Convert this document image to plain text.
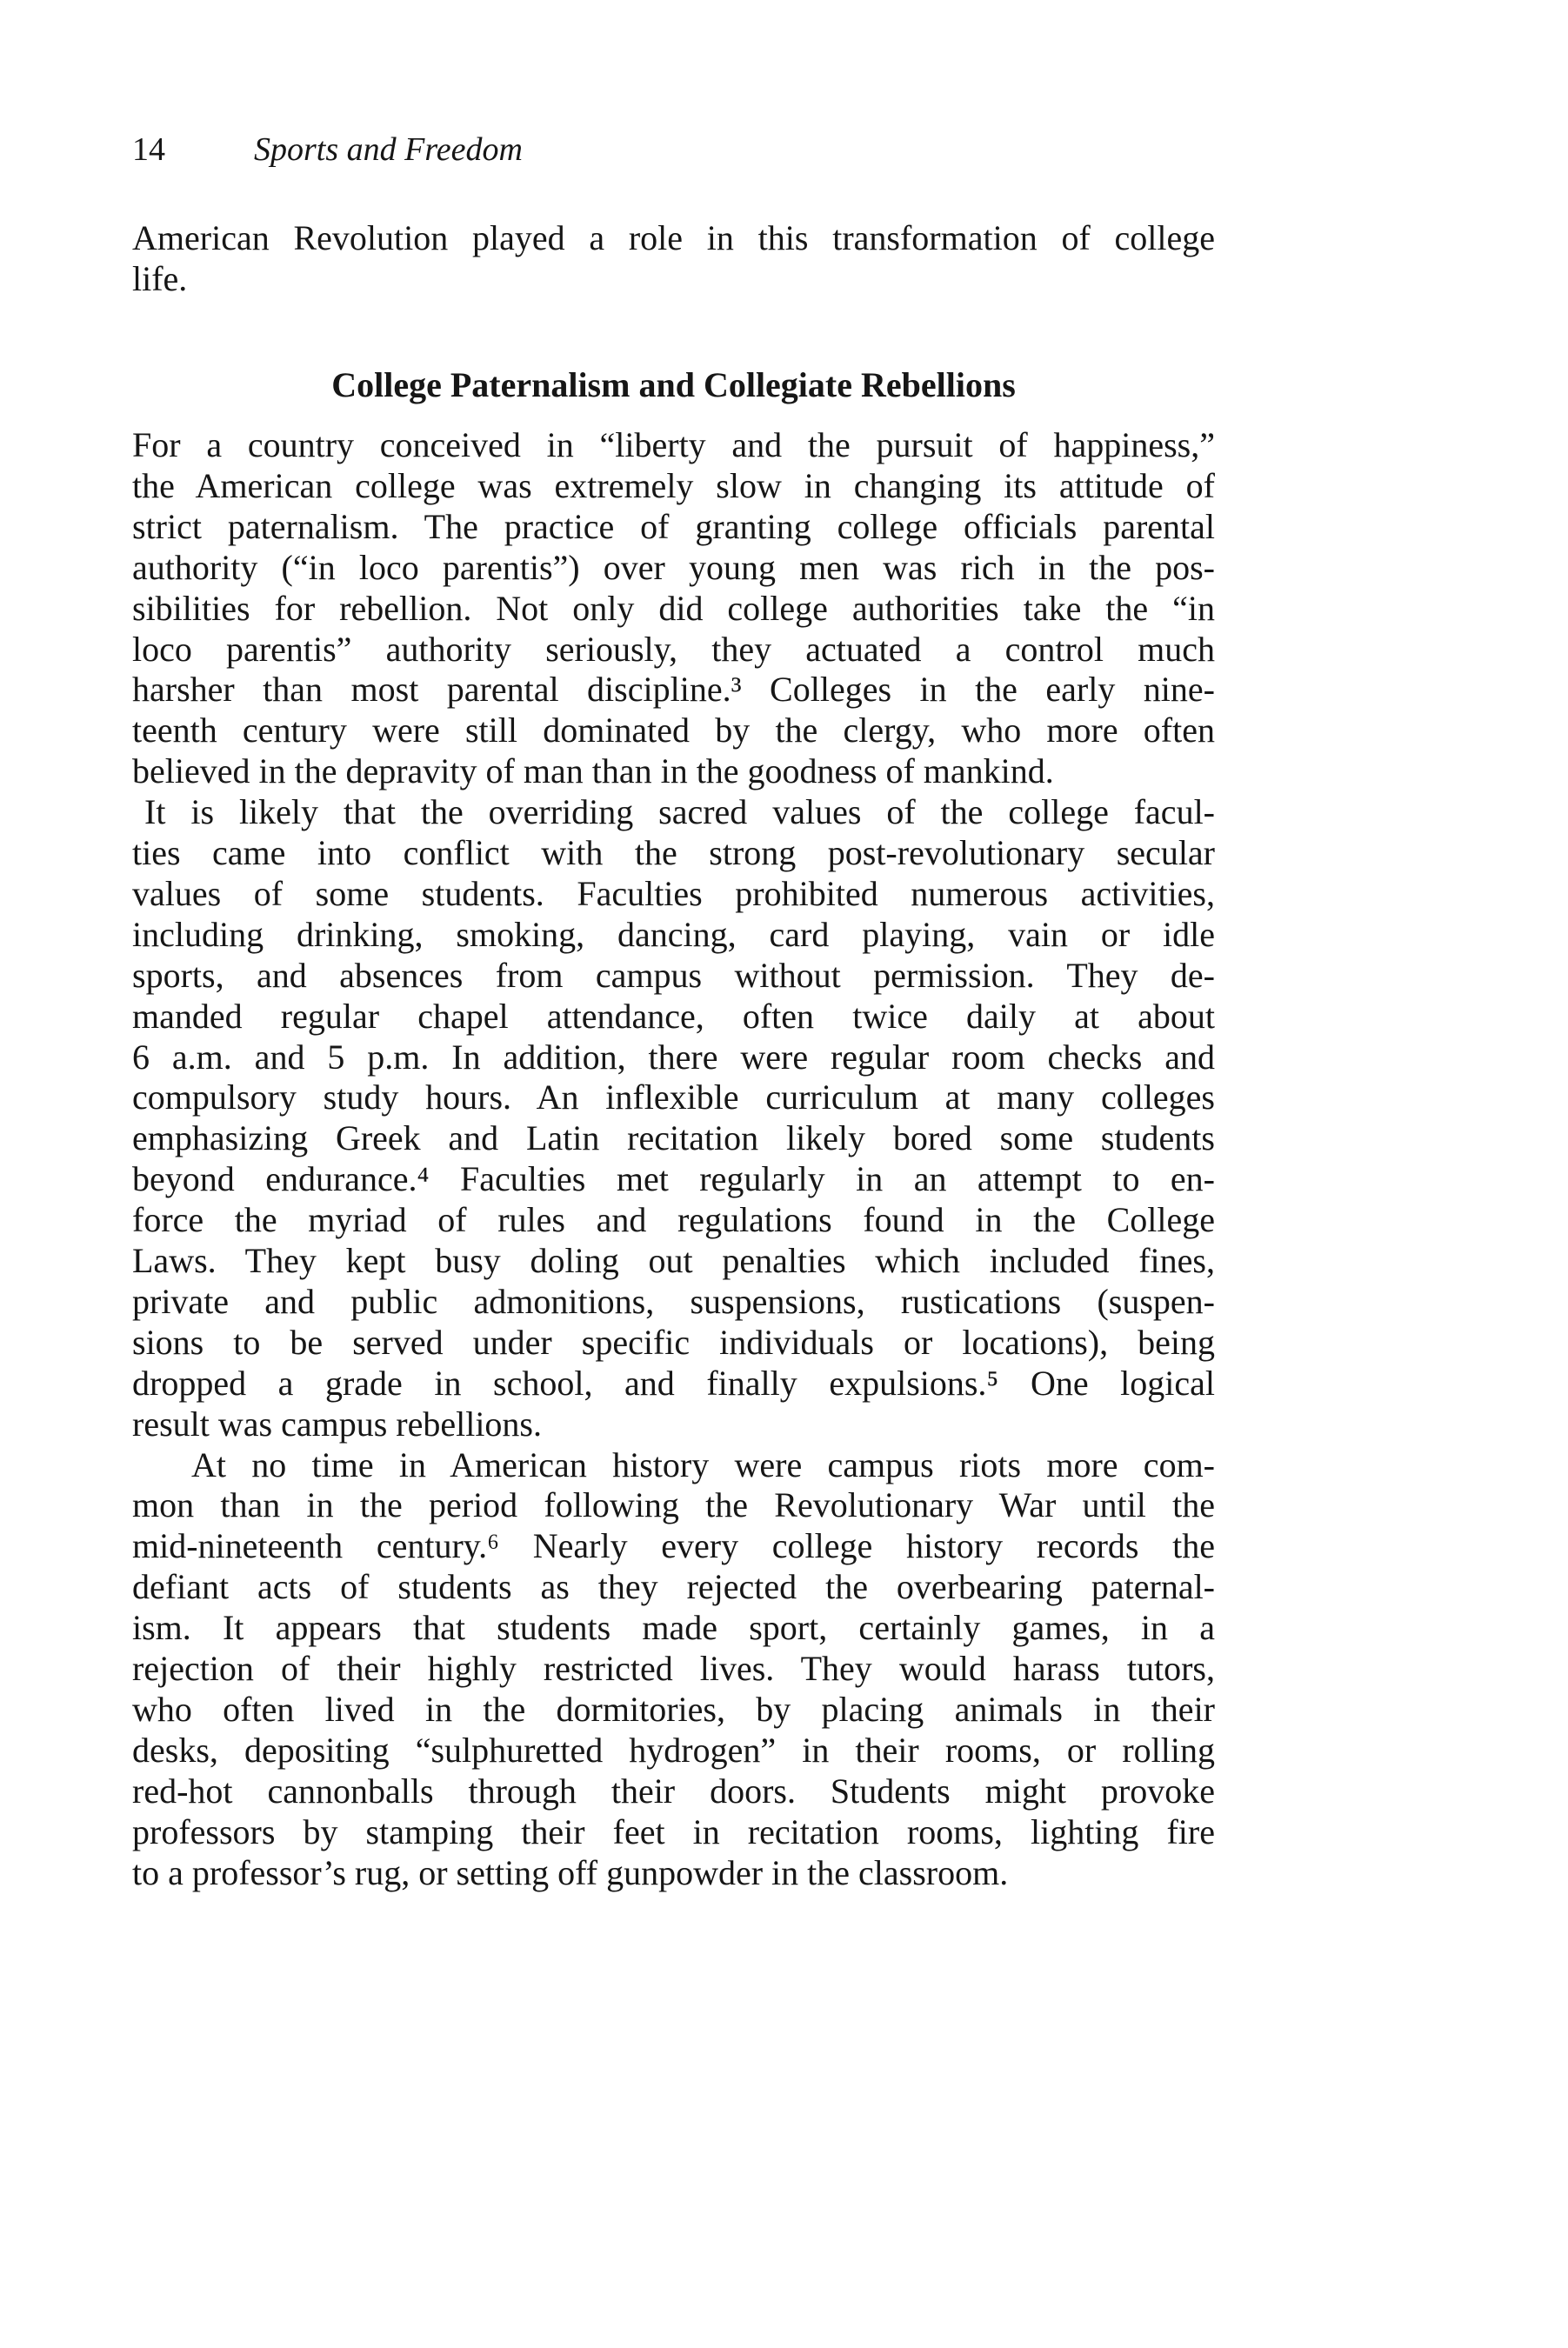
14	Sports and Freedom
American Revolution played a role in this transformation of college
life.
College Paternalism and Collegiate Rebellions
For a country conceived in “liberty and the pursuit of happiness,”
the American college was extremely slow in changing its attitude of
strict paternalism. The practice of granting college officials parental
authority (“in loco parentis”) over young men was rich in the pos-
sibilities for rebellion. Not only did college authorities take the “in
loco parentis” authority seriously, they actuated a control much
harsher than most parental discipline.³ Colleges in the early nine-
teenth century were still dominated by the clergy, who more often
believed in the depravity of man than in the goodness of mankind.
It is likely that the overriding sacred values of the college facul-
ties came into conflict with the strong post-revolutionary secular
values of some students. Faculties prohibited numerous activities,
including drinking, smoking, dancing, card playing, vain or idle
sports, and absences from campus without permission. They de-
manded regular chapel attendance, often twice daily at about
6 a.m. and 5 p.m. In addition, there were regular room checks and
compulsory study hours. An inflexible curriculum at many colleges
emphasizing Greek and Latin recitation likely bored some students
beyond endurance.⁴ Faculties met regularly in an attempt to en-
force the myriad of rules and regulations found in the College
Laws. They kept busy doling out penalties which included fines,
private and public admonitions, suspensions, rustications (suspen-
sions to be served under specific individuals or locations), being
dropped a grade in school, and finally expulsions.⁵ One logical
result was campus rebellions.
At no time in American history were campus riots more com-
mon than in the period following the Revolutionary War until the
mid-nineteenth century.⁶ Nearly every college history records the
defiant acts of students as they rejected the overbearing paternal-
ism. It appears that students made sport, certainly games, in a
rejection of their highly restricted lives. They would harass tutors,
who often lived in the dormitories, by placing animals in their
desks, depositing “sulphuretted hydrogen” in their rooms, or rolling
red-hot cannonballs through their doors. Students might provoke
professors by stamping their feet in recitation rooms, lighting fire
to a professor’s rug, or setting off gunpowder in the classroom.
